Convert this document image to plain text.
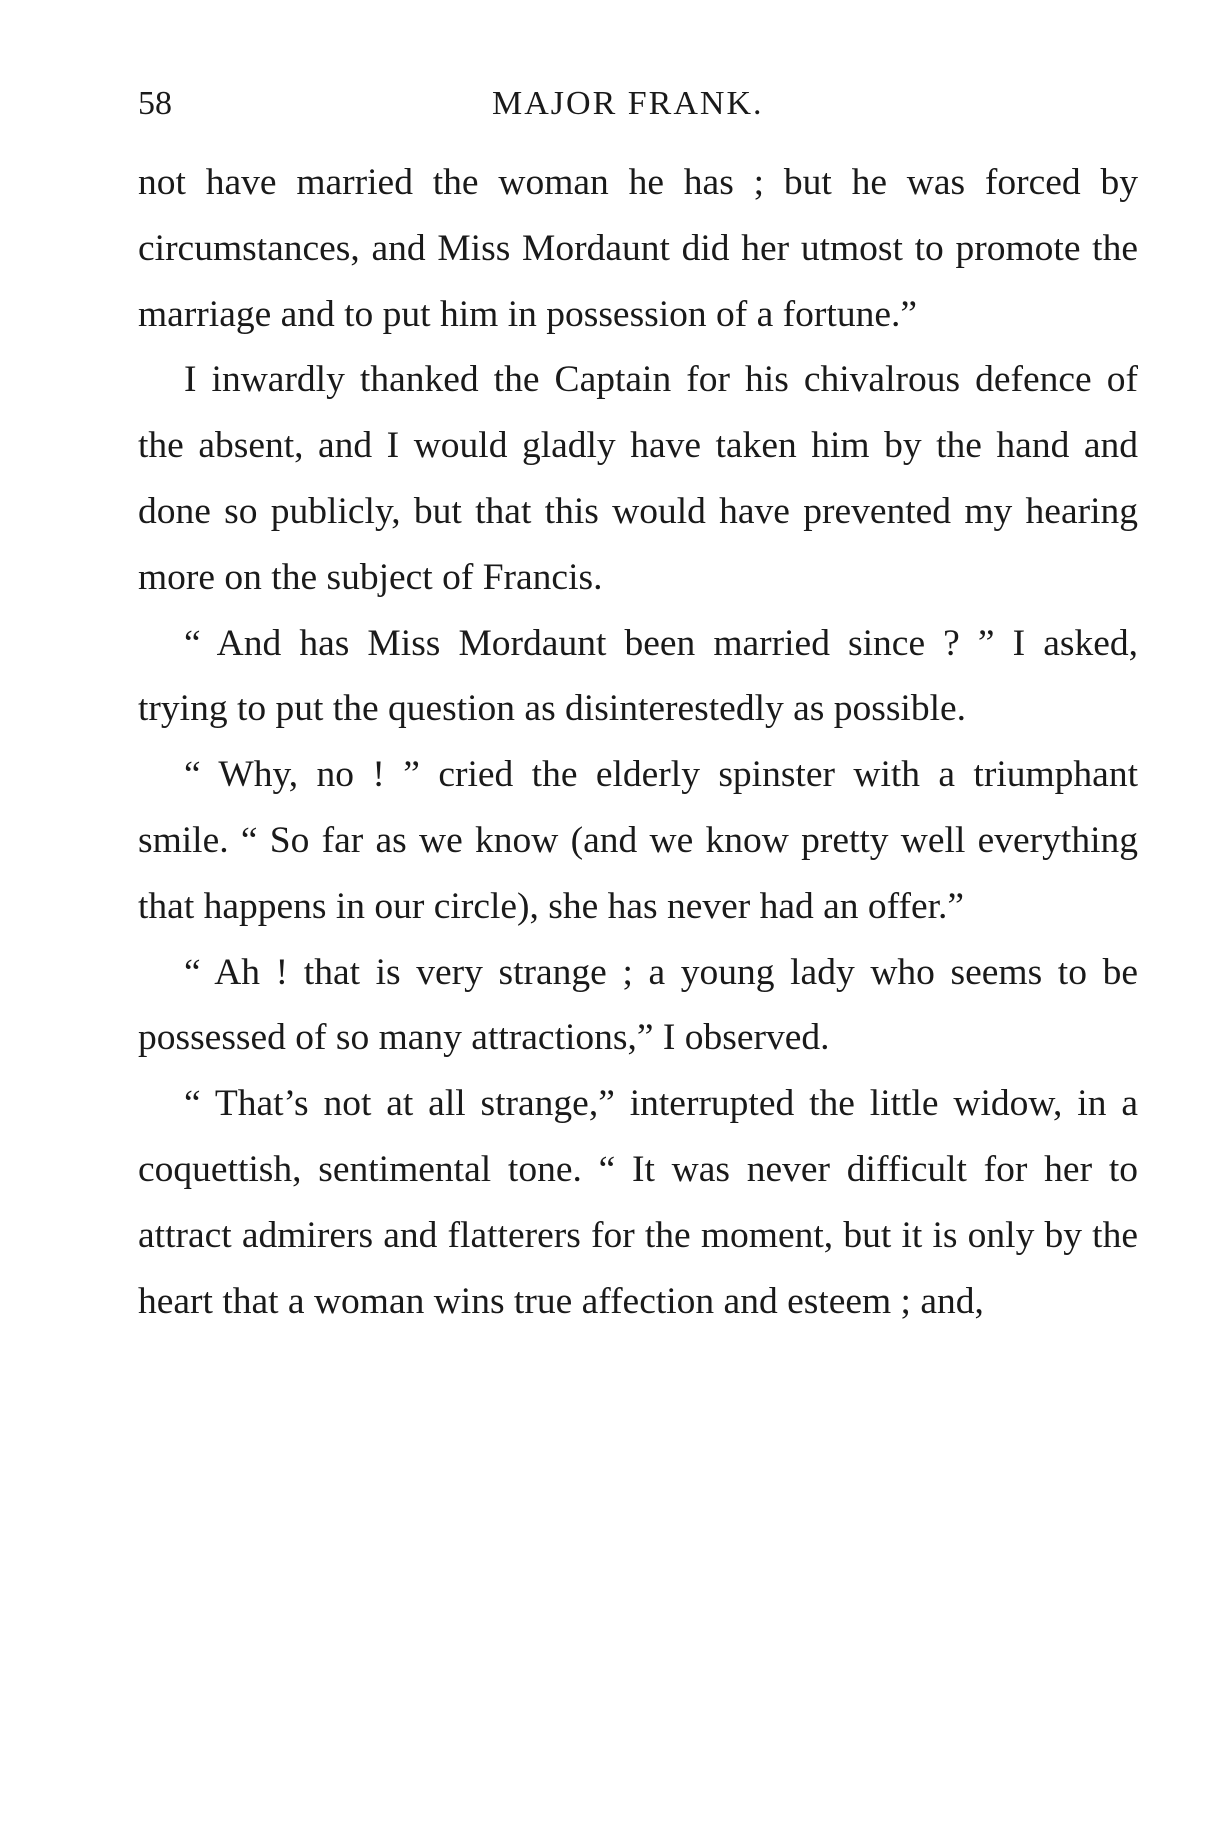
58	MAJOR FRANK.

not have married the woman he has ; but he was forced by circumstances, and Miss Mordaunt did her utmost to promote the marriage and to put him in possession of a fortune.”

I inwardly thanked the Captain for his chivalrous defence of the absent, and I would gladly have taken him by the hand and done so publicly, but that this would have prevented my hearing more on the subject of Francis.

“ And has Miss Mordaunt been married since ? ” I asked, trying to put the question as disinterestedly as possible.

“ Why, no ! ” cried the elderly spinster with a triumphant smile. “ So far as we know (and we know pretty well everything that happens in our circle), she has never had an offer.”

“ Ah ! that is very strange ; a young lady who seems to be possessed of so many attractions,” I observed.

“ That’s not at all strange,” interrupted the little widow, in a coquettish, sentimental tone. “ It was never difficult for her to attract admirers and flatterers for the moment, but it is only by the heart that a woman wins true affection and esteem ; and,
